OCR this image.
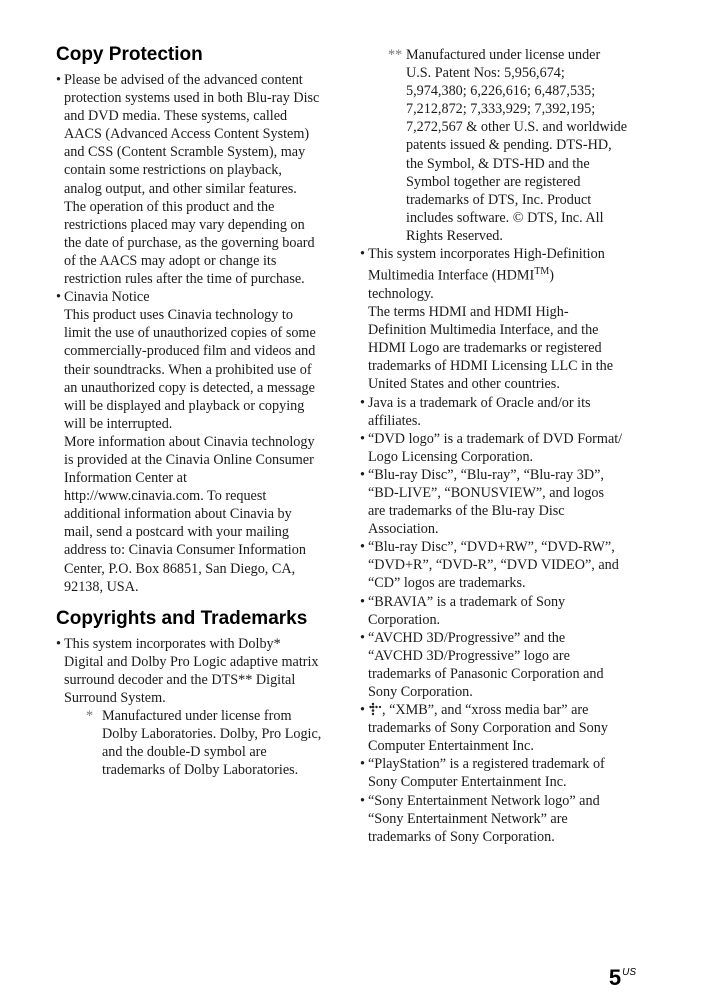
Copy Protection

• Please be advised of the advanced content
protection systems used in both Blu-ray Disc
and DVD media. These systems, called
AACS (Advanced Access Content System)
and CSS (Content Scramble System), may
contain some restrictions on playback,
analog output, and other similar features.
The operation of this product and the
restrictions placed may vary depending on
the date of purchase, as the governing board
of the AACS may adopt or change its
restriction rules after the time of purchase.

• Cinavia Notice

This product uses Cinavia technology to
limit the use of unauthorized copies of some
commercially-produced film and videos and
their soundtracks. When a prohibited use of
an unauthorized copy is detected, a message
will be displayed and playback or copying
will be interrupted.
More information about Cinavia technology
is provided at the Cinavia Online Consumer
Information Center at
http://www.cinavia.com. To request
additional information about Cinavia by
mail, send a postcard with your mailing
address to: Cinavia Consumer Information
Center, P.O. Box 86851, San Diego, CA,
92138, USA.

Copyrights and Trademarks

• This system incorporates with Dolby*
Digital and Dolby Pro Logic adaptive matrix
surround decoder and the DTS** Digital
Surround System.

* Manufactured under license from
Dolby Laboratories. Dolby, Pro Logic,
and the double-D symbol are
trademarks of Dolby Laboratories.
** Manufactured under license under
U.S. Patent Nos: 5,956,674;
5,974,380; 6,226,616; 6,487,535;
7,212,872; 7,333,929; 7,392,195;
7,272,567 & other U.S. and worldwide
patents issued & pending. DTS-HD,
the Symbol, & DTS-HD and the
Symbol together are registered
trademarks of DTS, Inc. Product
includes software. © DTS, Inc. All
Rights Reserved.

• This system incorporates High-Definition
Multimedia Interface (HDMI™)
technology.

The terms HDMI and HDMI High-
Definition Multimedia Interface, and the
HDMI Logo are trademarks or registered
trademarks of HDMI Licensing LLC in the
United States and other countries.

• Java is a trademark of Oracle and/or its
affiliates.

• “DVD logo” is a trademark of DVD Format/
Logo Licensing Corporation.

• “Blu-ray Disc”, “Blu-ray”, “Blu-ray 3D”,
“BD-LIVE”, “BONUSVIEW”, and logos
are trademarks of the Blu-ray Disc
Association.

• “Blu-ray Disc”, “DVD+RW”, “DVD-RW”,
“DVD+R”, “DVD-R”, “DVD VIDEO”, and
“CD” logos are trademarks.

• “BRAVIA” is a trademark of Sony
Corporation.

• “AVCHD 3D/Progressive” and the
“AVCHD 3D/Progressive” logo are
trademarks of Panasonic Corporation and
Sony Corporation.

• , “XMB”, and “xross media bar” are
trademarks of Sony Corporation and Sony
Computer Entertainment Inc.

• “PlayStation” is a registered trademark of
Sony Computer Entertainment Inc.

• “Sony Entertainment Network logo” and
“Sony Entertainment Network” are
trademarks of Sony Corporation.

$5^{US}$
